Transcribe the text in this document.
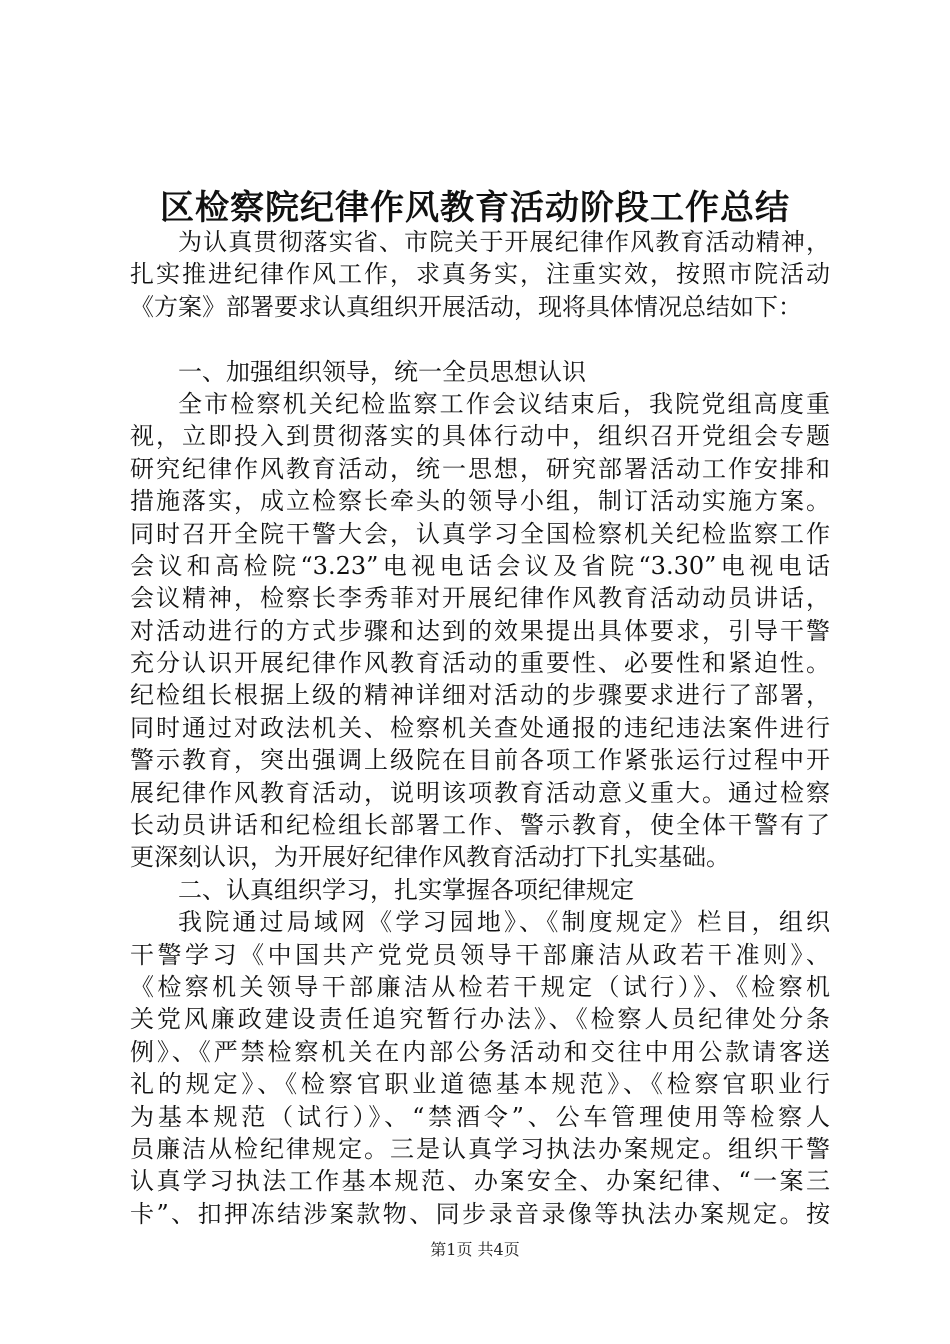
区检察院纪律作风教育活动阶段工作总结
为认真贯彻落实省、市院关于开展纪律作风教育活动精神，
扎实推进纪律作风工作，求真务实，注重实效，按照市院活动
《方案》部署要求认真组织开展活动，现将具体情况总结如下：
一、加强组织领导，统一全员思想认识
全市检察机关纪检监察工作会议结束后，我院党组高度重
视，立即投入到贯彻落实的具体行动中，组织召开党组会专题
研究纪律作风教育活动，统一思想，研究部署活动工作安排和
措施落实，成立检察长牵头的领导小组，制订活动实施方案。
同时召开全院干警大会，认真学习全国检察机关纪检监察工作
会议和高检院“3.23”电视电话会议及省院“3.30”电视电话
会议精神，检察长李秀菲对开展纪律作风教育活动动员讲话，
对活动进行的方式步骤和达到的效果提出具体要求，引导干警
充分认识开展纪律作风教育活动的重要性、必要性和紧迫性。
纪检组长根据上级的精神详细对活动的步骤要求进行了部署，
同时通过对政法机关、检察机关查处通报的违纪违法案件进行
警示教育，突出强调上级院在目前各项工作紧张运行过程中开
展纪律作风教育活动，说明该项教育活动意义重大。通过检察
长动员讲话和纪检组长部署工作、警示教育，使全体干警有了
更深刻认识，为开展好纪律作风教育活动打下扎实基础。
二、认真组织学习，扎实掌握各项纪律规定
我院通过局域网《学习园地》、《制度规定》栏目，组织
干警学习《中国共产党党员领导干部廉洁从政若干准则》、
《检察机关领导干部廉洁从检若干规定（试行）》、《检察机
关党风廉政建设责任追究暂行办法》、《检察人员纪律处分条
例》、《严禁检察机关在内部公务活动和交往中用公款请客送
礼的规定》、《检察官职业道德基本规范》、《检察官职业行
为基本规范（试行）》、“禁酒令”、公车管理使用等检察人
员廉洁从检纪律规定。三是认真学习执法办案规定。组织干警
认真学习执法工作基本规范、办案安全、办案纪律、“一案三
卡”、扣押冻结涉案款物、同步录音录像等执法办案规定。按
第1页 共4页
